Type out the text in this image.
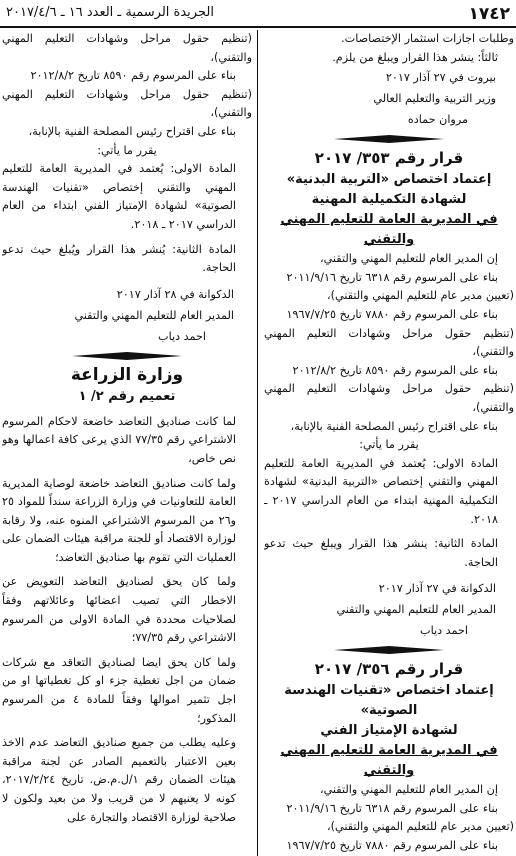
١٧٤٢
الجريدة الرسمية ـ العدد ١٦ ـ ٢٠١٧/٤/٦

وطلبات اجازات استثمار الإختصاصات.

ثالثاً: ينشر هذا القرار ويبلغ من يلزم.

بيروت في ٢٧ آذار ٢٠١٧
وزير التربية والتعليم العالي
مروان حماده

قرار رقم ٣٥٣/ ٢٠١٧

إعتماد اختصاص «التربية البدنية»

لشهادة التكميلية المهنية

في المديرية العامة للتعليم المهني والتقني

إن المدير العام للتعليم المهني والتقني،

بناء على المرسوم رقم ٦٣١٨ تاريخ ٢٠١١/٩/١٦

(تعيين مدير عام للتعليم المهني والتقني)،

بناء على المرسوم رقم ٧٨٨٠ تاريخ ١٩٦٧/٧/٢٥

(تنظيم حقول مراحل وشهادات التعليم المهني والتقني)،

بناء على المرسوم رقم ٨٥٩٠ تاريخ ٢٠١٢/٨/٢

(تنظيم حقول مراحل وشهادات التعليم المهني والتقني)،

بناء على اقتراح رئيس المصلحة الفنية بالإنابة،

يقرر ما يأتي:

المادة الاولى: يُعتمد في المديرية العامة للتعليم المهني والتقني إختصاص «التربية البدنية» لشهادة التكميلية المهنية ابتداء من العام الدراسي ٢٠١٧ ـ ٢٠١٨.

المادة الثانية: ينشر هذا القرار ويبلغ حيث تدعو الحاجة.

الدكوانة في ٢٧ آذار ٢٠١٧
المدير العام للتعليم المهني والتقني
احمد دياب

قرار رقم ٣٥٦/ ٢٠١٧

إعتماد اختصاص «تقنيات الهندسة الصوتية»

لشهادة الإمتياز الفني

في المديرية العامة للتعليم المهني والتقني

إن المدير العام للتعليم المهني والتقني،

بناء على المرسوم رقم ٦٣١٨ تاريخ ٢٠١١/٩/١٦

(تعيين مدير عام للتعليم المهني والتقني)،

بناء على المرسوم رقم ٧٨٨٠ تاريخ ١٩٦٧/٧/٢٥

(تنظيم حقول مراحل وشهادات التعليم المهني والتقني)،

بناء على المرسوم رقم ٨٥٩٠ تاريخ ٢٠١٢/٨/٢

(تنظيم حقول مراحل وشهادات التعليم المهني والتقني)،

بناء على اقتراح رئيس المصلحة الفنية بالإنابة،

يقرر ما يأتي:

المادة الاولى: يُعتمد في المديرية العامة للتعليم المهني والتقني إختصاص «تقنيات الهندسة الصوتية» لشهادة الإمتياز الفني ابتداء من العام الدراسي ٢٠١٧ ـ ٢٠١٨.

المادة الثانية: يُنشر هذا القرار ويُبلغ حيث تدعو الحاجة.

الدكوانة في ٢٨ آذار ٢٠١٧
المدير العام للتعليم المهني والتقني
احمد دياب

وزارة الزراعة

تعميم رقم ٢/ ١

لما كانت صناديق التعاضد خاضعة لاحكام المرسوم الاشتراعي رقم ٧٧/٣٥ الذي يرعى كافة اعمالها وهو نص خاص،

ولما كانت صناديق التعاضد خاضعة لوصاية المديرية العامة للتعاونيات في وزارة الزراعة سنداً للمواد ٢٥ و٢٦ من المرسوم الاشتراعي المنوه عنه، ولا رقابة لوزارة الاقتصاد أو للجنة مراقبة هيئات الضمان على العمليات التي تقوم بها صناديق التعاضد؛

ولما كان يحق لصناديق التعاضد التعويض عن الاخطار التي تصيب اعضائها وعائلاتهم وفقاً لصلاحيات محددة في المادة الاولى من المرسوم الاشتراعي رقم ٧٧/٣٥؛

ولما كان يحق ايضا لصناديق التعاقد مع شركات ضمان من اجل تغطية جزء او كل تغطياتها او من اجل تثمير اموالها وفقاً للمادة ٤ من المرسوم المذكور؛

وعليه يطلب من جميع صناديق التعاضد عدم الاخذ بعين الاعتبار بالتعميم الصادر عن لجنة مراقبة هيئات الضمان رقم ١/ل.م.ض. تاريخ ٢٠١٧/٢/٢٤، كونه لا يعنيهم لا من قريب ولا من بعيد ولكون لا صلاحية لوزارة الاقتصاد والتجارة على
